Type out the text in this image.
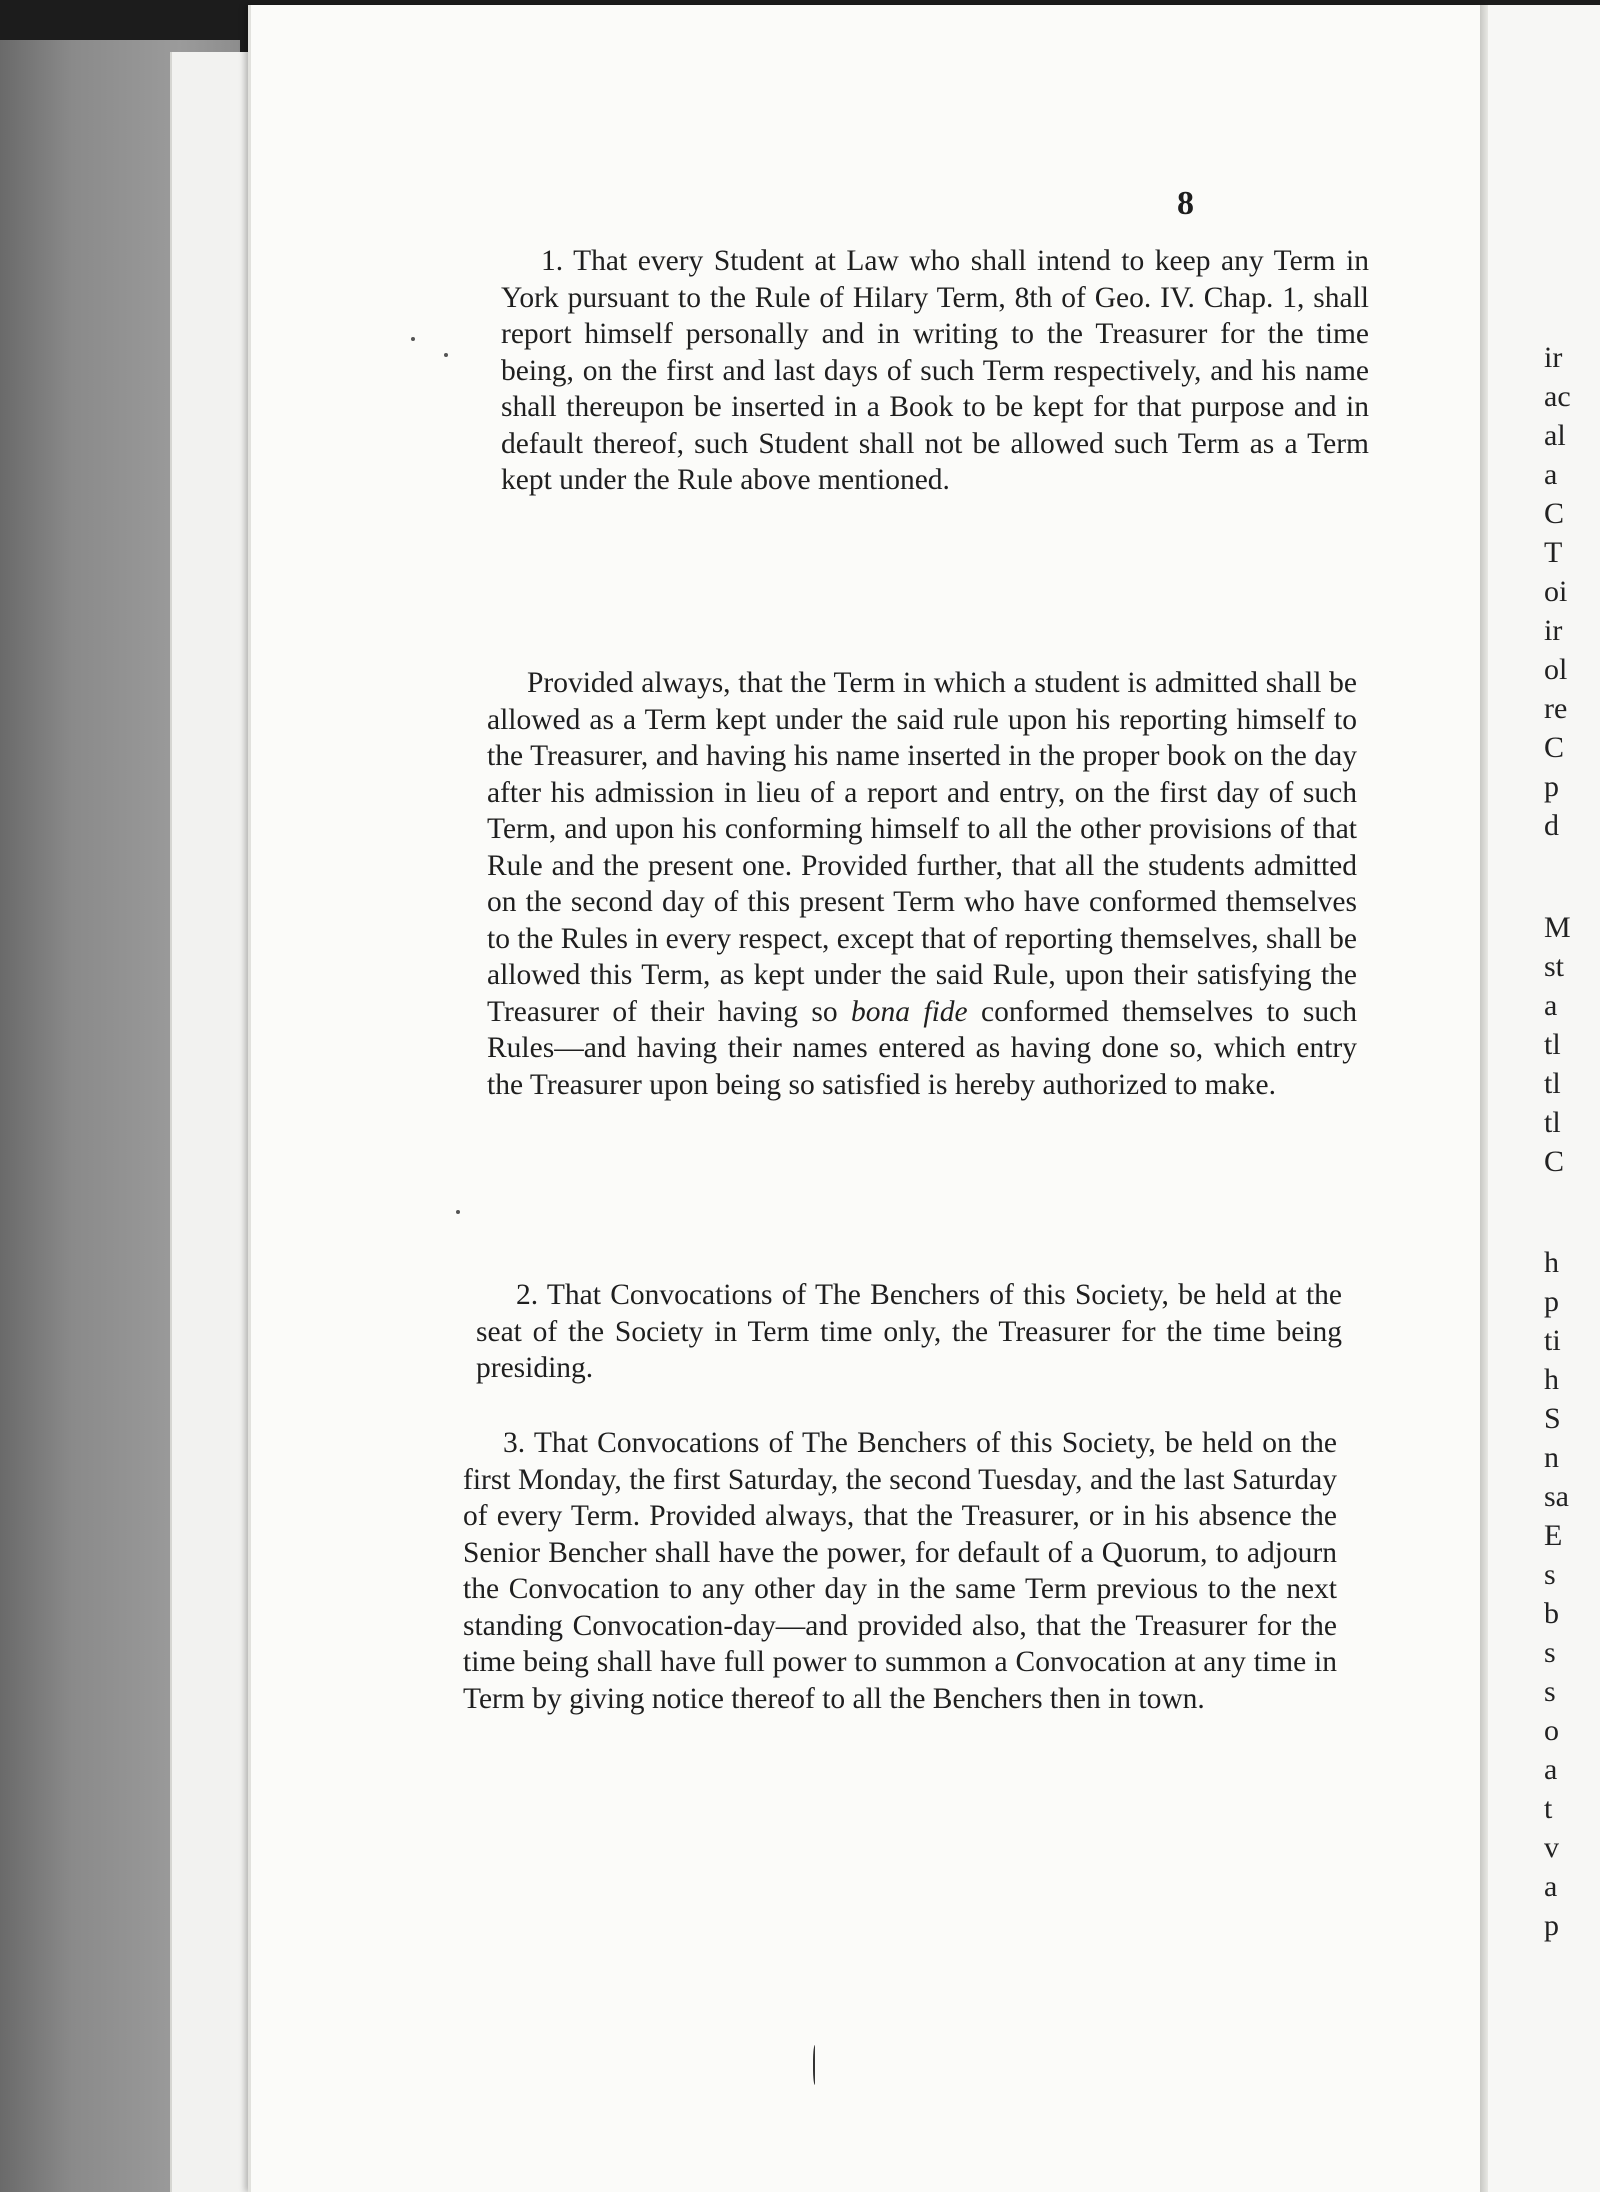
8

1. That every Student at Law who shall intend to keep any Term in York pursuant to the Rule of Hilary Term, 8th of Geo. IV. Chap. 1, shall report himself personally and in writing to the Treasurer for the time being, on the first and last days of such Term respectively, and his name shall thereupon be inserted in a Book to be kept for that purpose and in default thereof, such Student shall not be allowed such Term as a Term kept under the Rule above mentioned.

Provided always, that the Term in which a student is admitted shall be allowed as a Term kept under the said rule upon his reporting himself to the Treasurer, and having his name inserted in the proper book on the day after his admission in lieu of a report and entry, on the first day of such Term, and upon his conforming himself to all the other provisions of that Rule and the present one. Provided further, that all the students admitted on the second day of this present Term who have conformed themselves to the Rules in every respect, except that of reporting themselves, shall be allowed this Term, as kept under the said Rule, upon their satisfying the Treasurer of their having so bona fide conformed themselves to such Rules—and having their names entered as having done so, which entry the Treasurer upon being so satisfied is hereby authorized to make.

2. That Convocations of The Benchers of this Society, be held at the seat of the Society in Term time only, the Treasurer for the time being presiding.

3. That Convocations of The Benchers of this Society, be held on the first Monday, the first Saturday, the second Tuesday, and the last Saturday of every Term. Provided always, that the Treasurer, or in his absence the Senior Bencher shall have the power, for default of a Quorum, to adjourn the Convocation to any other day in the same Term previous to the next standing Convocation-day—and provided also, that the Treasurer for the time being shall have full power to summon a Convocation at any time in Term by giving notice thereof to all the Benchers then in town.

ir
ac
al
a
C
T
oi
ir
ol
re
C
p
d
M
st
a
tl
tl
tl
C
h
p
ti
h
S
n
sa
E
s
b
s
s
o
a
t
v
a
p
